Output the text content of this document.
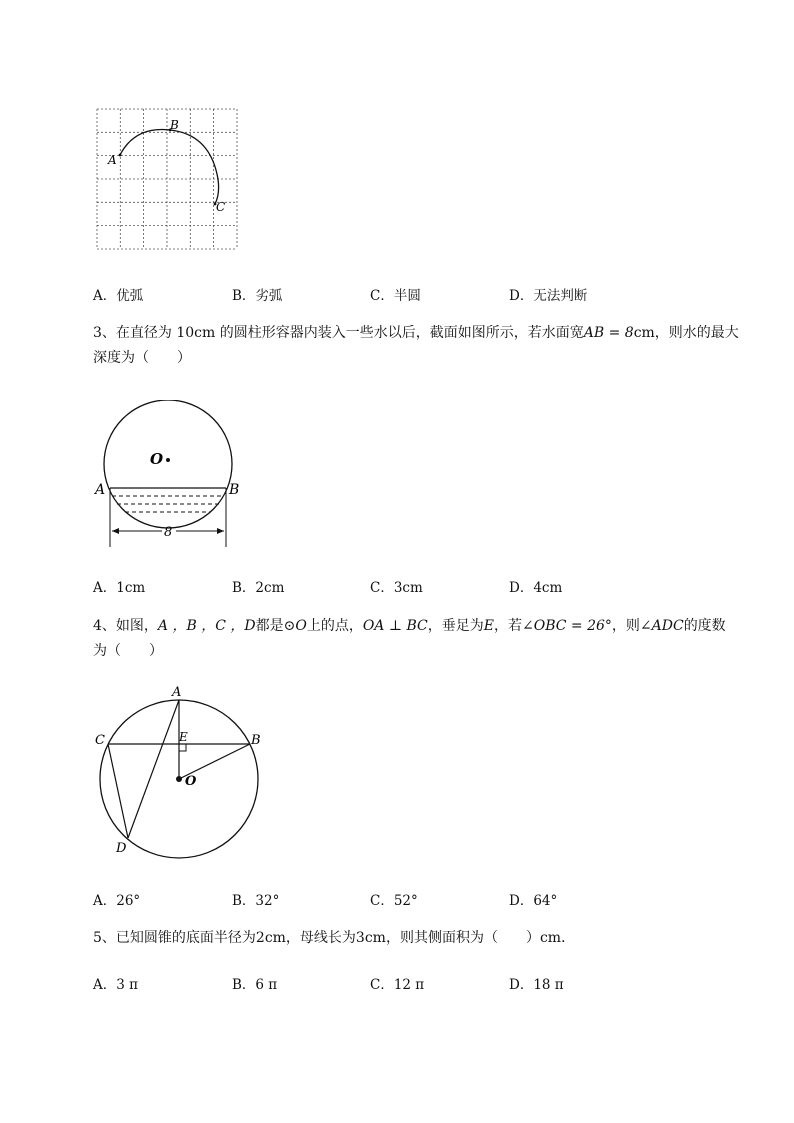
A
B
C
A．优弧	B．劣弧	C．半圆	D．无法判断
3、在直径为 10cm 的圆柱形容器内装入一些水以后，截面如图所示，若水面宽AB = 8cm，则水的最大
深度为（　　）
O
A	B
8
A．1cm	B．2cm	C．3cm	D．4cm
4、如图，A ，B ，C ，D都是⊙O上的点，OA ⊥ BC，垂足为E，若∠OBC = 26°，则∠ADC的度数
为（　　）
A
B
C
D
E
O
A．26°	B．32°	C．52°	D．64°
5、已知圆锥的底面半径为2cm，母线长为3cm，则其侧面积为（　　）cm．
A．3 π	B．6 π	C．12 π	D．18 π
